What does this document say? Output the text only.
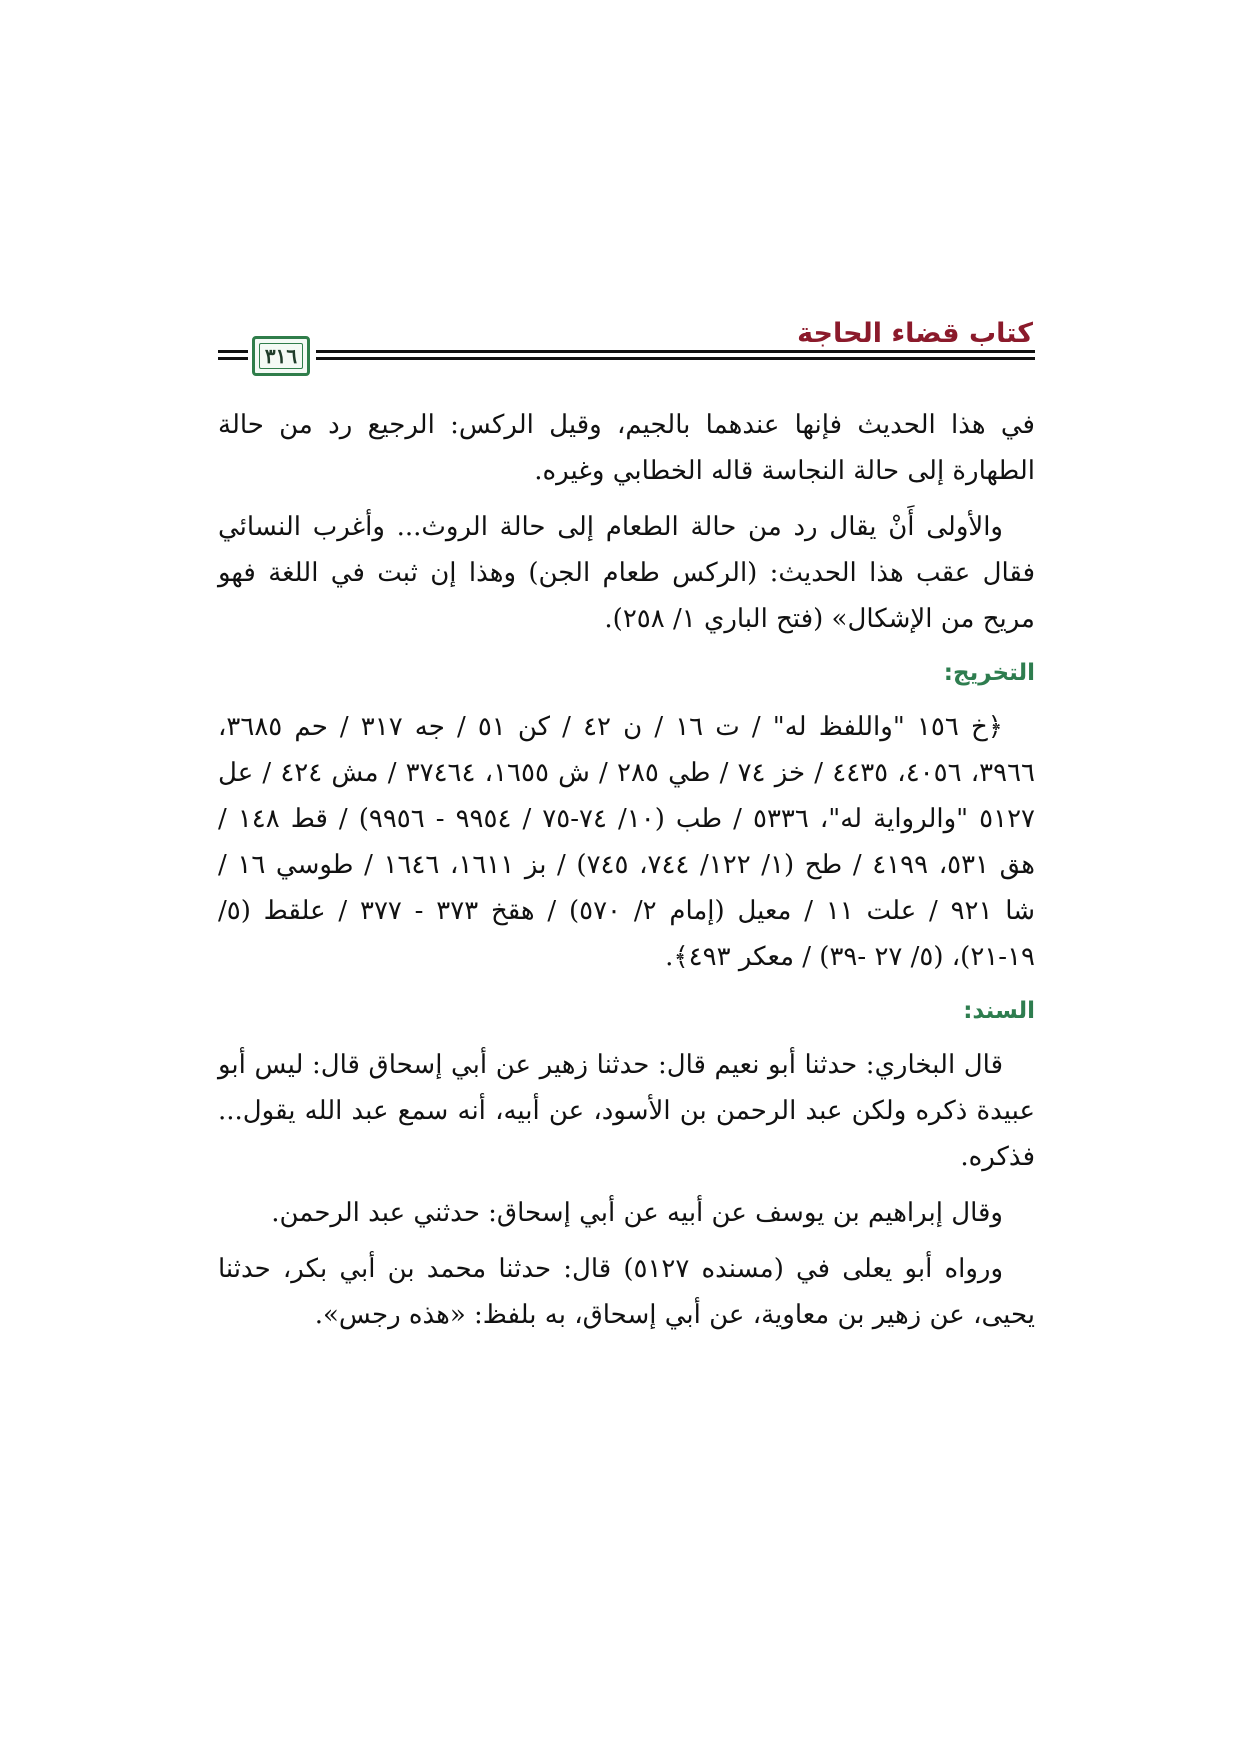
كتاب قضاء الحاجة
٣١٦

في هذا الحديث فإنها عندهما بالجيم، وقيل الركس: الرجيع رد من حالة الطهارة إلى حالة النجاسة قاله الخطابي وغيره.

والأولى أَنْ يقال رد من حالة الطعام إلى حالة الروث... وأغرب النسائي فقال عقب هذا الحديث: (الركس طعام الجن) وهذا إن ثبت في اللغة فهو مريح من الإشكال» (فتح الباري ١/ ٢٥٨).

التخريج:

﴿خ ١٥٦ "واللفظ له" / ت ١٦ / ن ٤٢ / كن ٥١ / جه ٣١٧ / حم ٣٦٨٥، ٣٩٦٦، ٤٠٥٦، ٤٤٣٥ / خز ٧٤ / طي ٢٨٥ / ش ١٦٥٥، ٣٧٤٦٤ / مش ٤٢٤ / عل ٥١٢٧ "والرواية له"، ٥٣٣٦ / طب (١٠/ ٧٤-٧٥ / ٩٩٥٤ - ٩٩٥٦) / قط ١٤٨ / هق ٥٣١، ٤١٩٩ / طح (١/ ١٢٢/ ٧٤٤، ٧٤٥) / بز ١٦١١، ١٦٤٦ / طوسي ١٦ / شا ٩٢١ / علت ١١ / معيل (إمام ٢/ ٥٧٠) / هقخ ٣٧٣ - ٣٧٧ / علقط (٥/ ١٩-٢١)، (٥/ ٢٧ -٣٩) / معكر ٤٩٣﴾.

السند:

قال البخاري: حدثنا أبو نعيم قال: حدثنا زهير عن أبي إسحاق قال: ليس أبو عبيدة ذكره ولكن عبد الرحمن بن الأسود، عن أبيه، أنه سمع عبد الله يقول... فذكره.

وقال إبراهيم بن يوسف عن أبيه عن أبي إسحاق: حدثني عبد الرحمن.

ورواه أبو يعلى في (مسنده ٥١٢٧) قال: حدثنا محمد بن أبي بكر، حدثنا يحيى، عن زهير بن معاوية، عن أبي إسحاق، به بلفظ: «هذه رجس».
